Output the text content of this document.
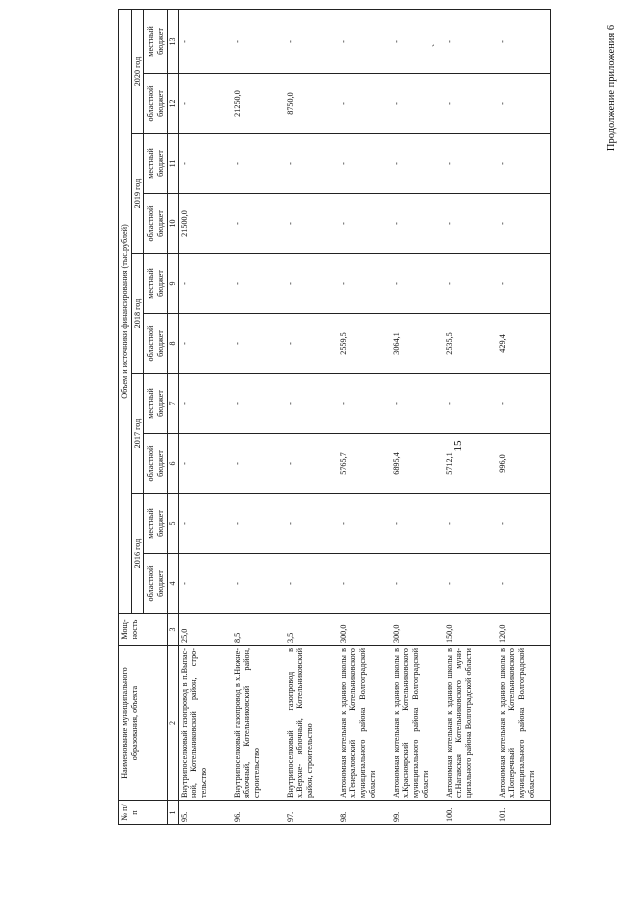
15
Продолжение приложения 6
`
№ п/п	Наименование муниципального образования, объекта	Мощ- ность	Объем и источники финансирования (тыс.рублей)									
			2016 год		2017 год		2018 год		2019 год		2020 год	
			областной бюджет	местный бюджет	областной бюджет	местный бюджет	областной бюджет	местный бюджет	областной бюджет	местный бюджет	областной бюджет	местный бюджет
1	2	3	4	5	6	7	8	9	10	11	12	13
95.	Внутрипоселковый газопровод в п.Выпас- ной, Котельниковский район, стро- тельство	25,0	-	-	-	-	-	-	21500,0	-	-	-
96.	Внутрипоселковый газопровод в х.Нижне- яблочный, Котельниковский район, строительство	8,5	-	-	-	-	-	-	-	-	21250,0	-
97.	Внутрипоселковый газопровод в х.Верхне- яблочный, Котельниковский район, строительство	3,5	-	-	-	-	-	-	-	-	8750,0	-
98.	Автономная котельная к зданию школы в х.Генераловский Котельниковского муниципального района Волгоградской области	300,0	-	-	5765,7	-	2559,5	-	-	-	-	-
99.	Автономная котельная к зданию школы в х.Красноярский Котельниковского муниципального района Волгоградской области	300,0	-	-	6895,4	-	3064,1	-	-	-	-	-
100.	Автономная котельная к зданию школы в ст.Нагавская Котельниковского муни- ципального района Волгоградской области	150,0	-	-	5712,1	-	2535,5	-	-	-	-	-
101.	Автономная котельная к зданию школы в х.Поперечный Котельниковского муниципального района Волгоградской области	120,0	-	-	996,0	-	429,4	-	-	-	-	-
